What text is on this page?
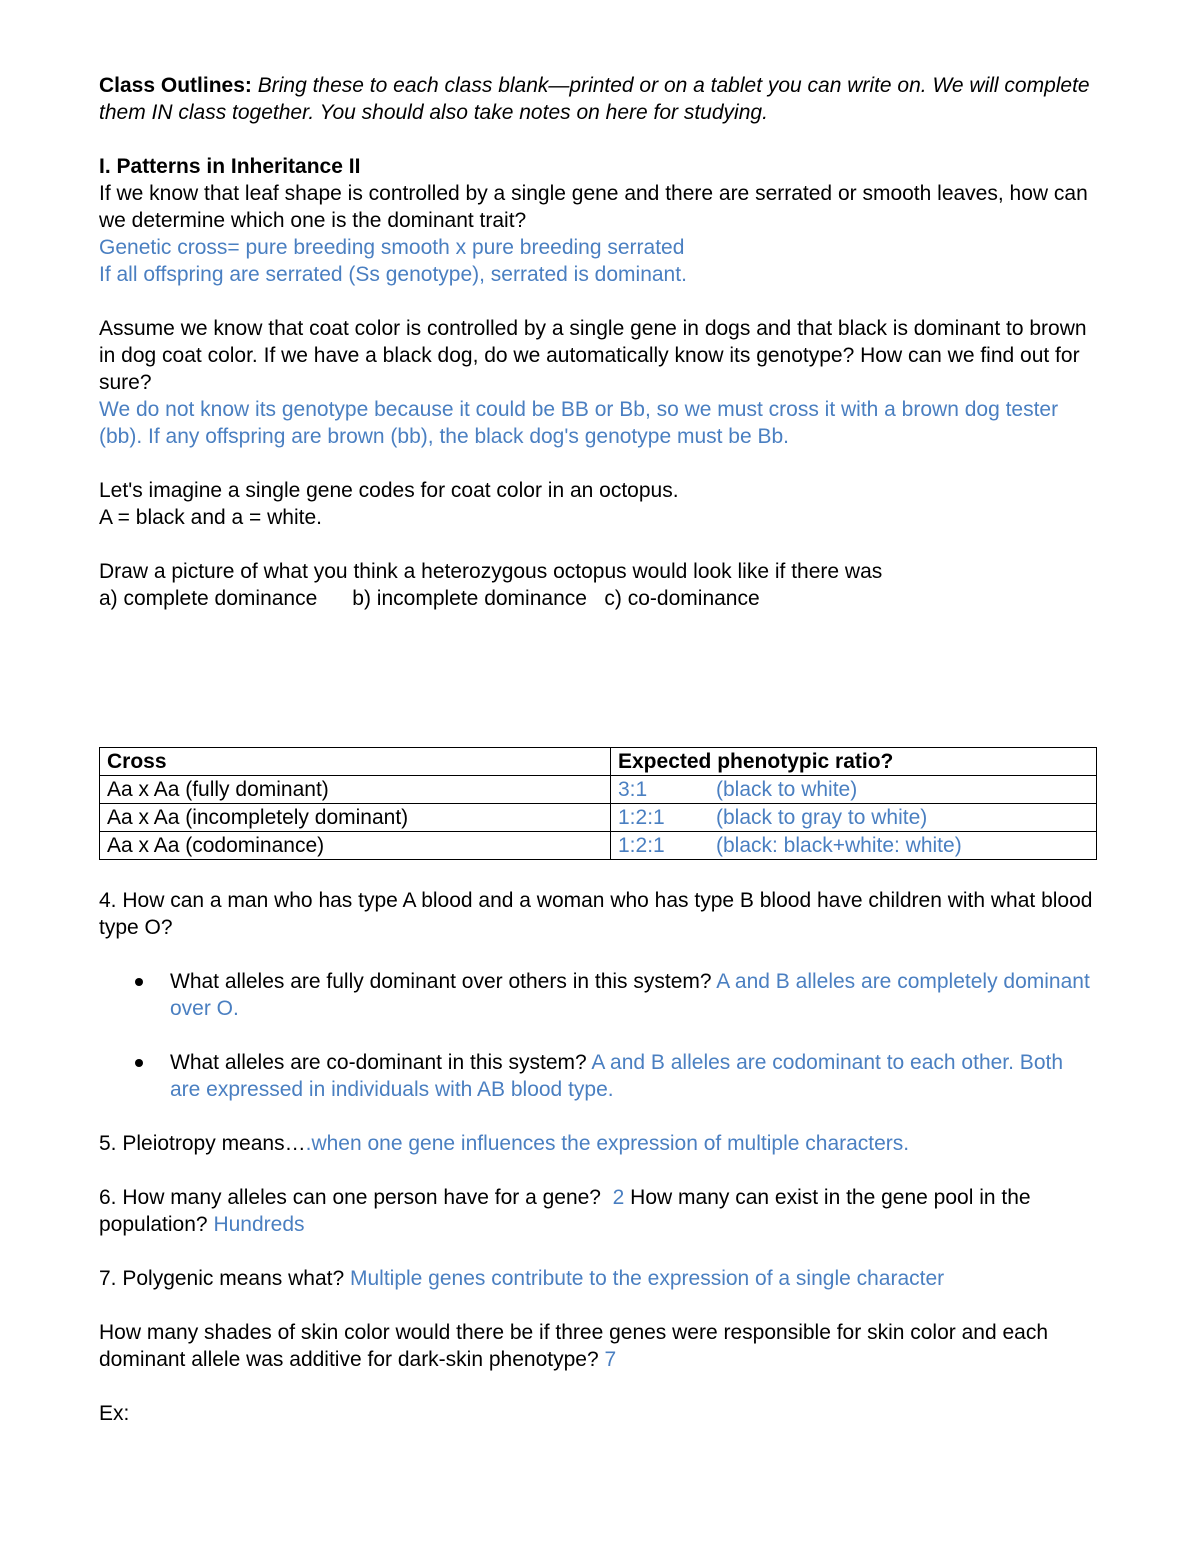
Class Outlines: Bring these to each class blank—printed or on a tablet you can write on. We will complete them IN class together. You should also take notes on here for studying.

I. Patterns in Inheritance II

If we know that leaf shape is controlled by a single gene and there are serrated or smooth leaves, how can we determine which one is the dominant trait?

Genetic cross= pure breeding smooth x pure breeding serrated

If all offspring are serrated (Ss genotype), serrated is dominant.

Assume we know that coat color is controlled by a single gene in dogs and that black is dominant to brown in dog coat color. If we have a black dog, do we automatically know its genotype? How can we find out for sure?

We do not know its genotype because it could be BB or Bb, so we must cross it with a brown dog tester (bb). If any offspring are brown (bb), the black dog's genotype must be Bb.

Let's imagine a single gene codes for coat color in an octopus.

A = black and a = white.

Draw a picture of what you think a heterozygous octopus would look like if there was

a) complete dominance      b) incomplete dominance   c) co-dominance

Cross	Expected phenotypic ratio?
Aa x Aa (fully dominant)	3:1 (black to white)
Aa x Aa (incompletely dominant)	1:2:1 (black to gray to white)
Aa x Aa (codominance)	1:2:1 (black: black+white: white)

4. How can a man who has type A blood and a woman who has type B blood have children with what blood type O?

What alleles are fully dominant over others in this system? A and B alleles are completely dominant over O.
What alleles are co-dominant in this system? A and B alleles are codominant to each other. Both are expressed in individuals with AB blood type.

5. Pleiotropy means….when one gene influences the expression of multiple characters.

6. How many alleles can one person have for a gene?  2 How many can exist in the gene pool in the population? Hundreds

7. Polygenic means what? Multiple genes contribute to the expression of a single character

How many shades of skin color would there be if three genes were responsible for skin color and each dominant allele was additive for dark-skin phenotype? 7

Ex:
